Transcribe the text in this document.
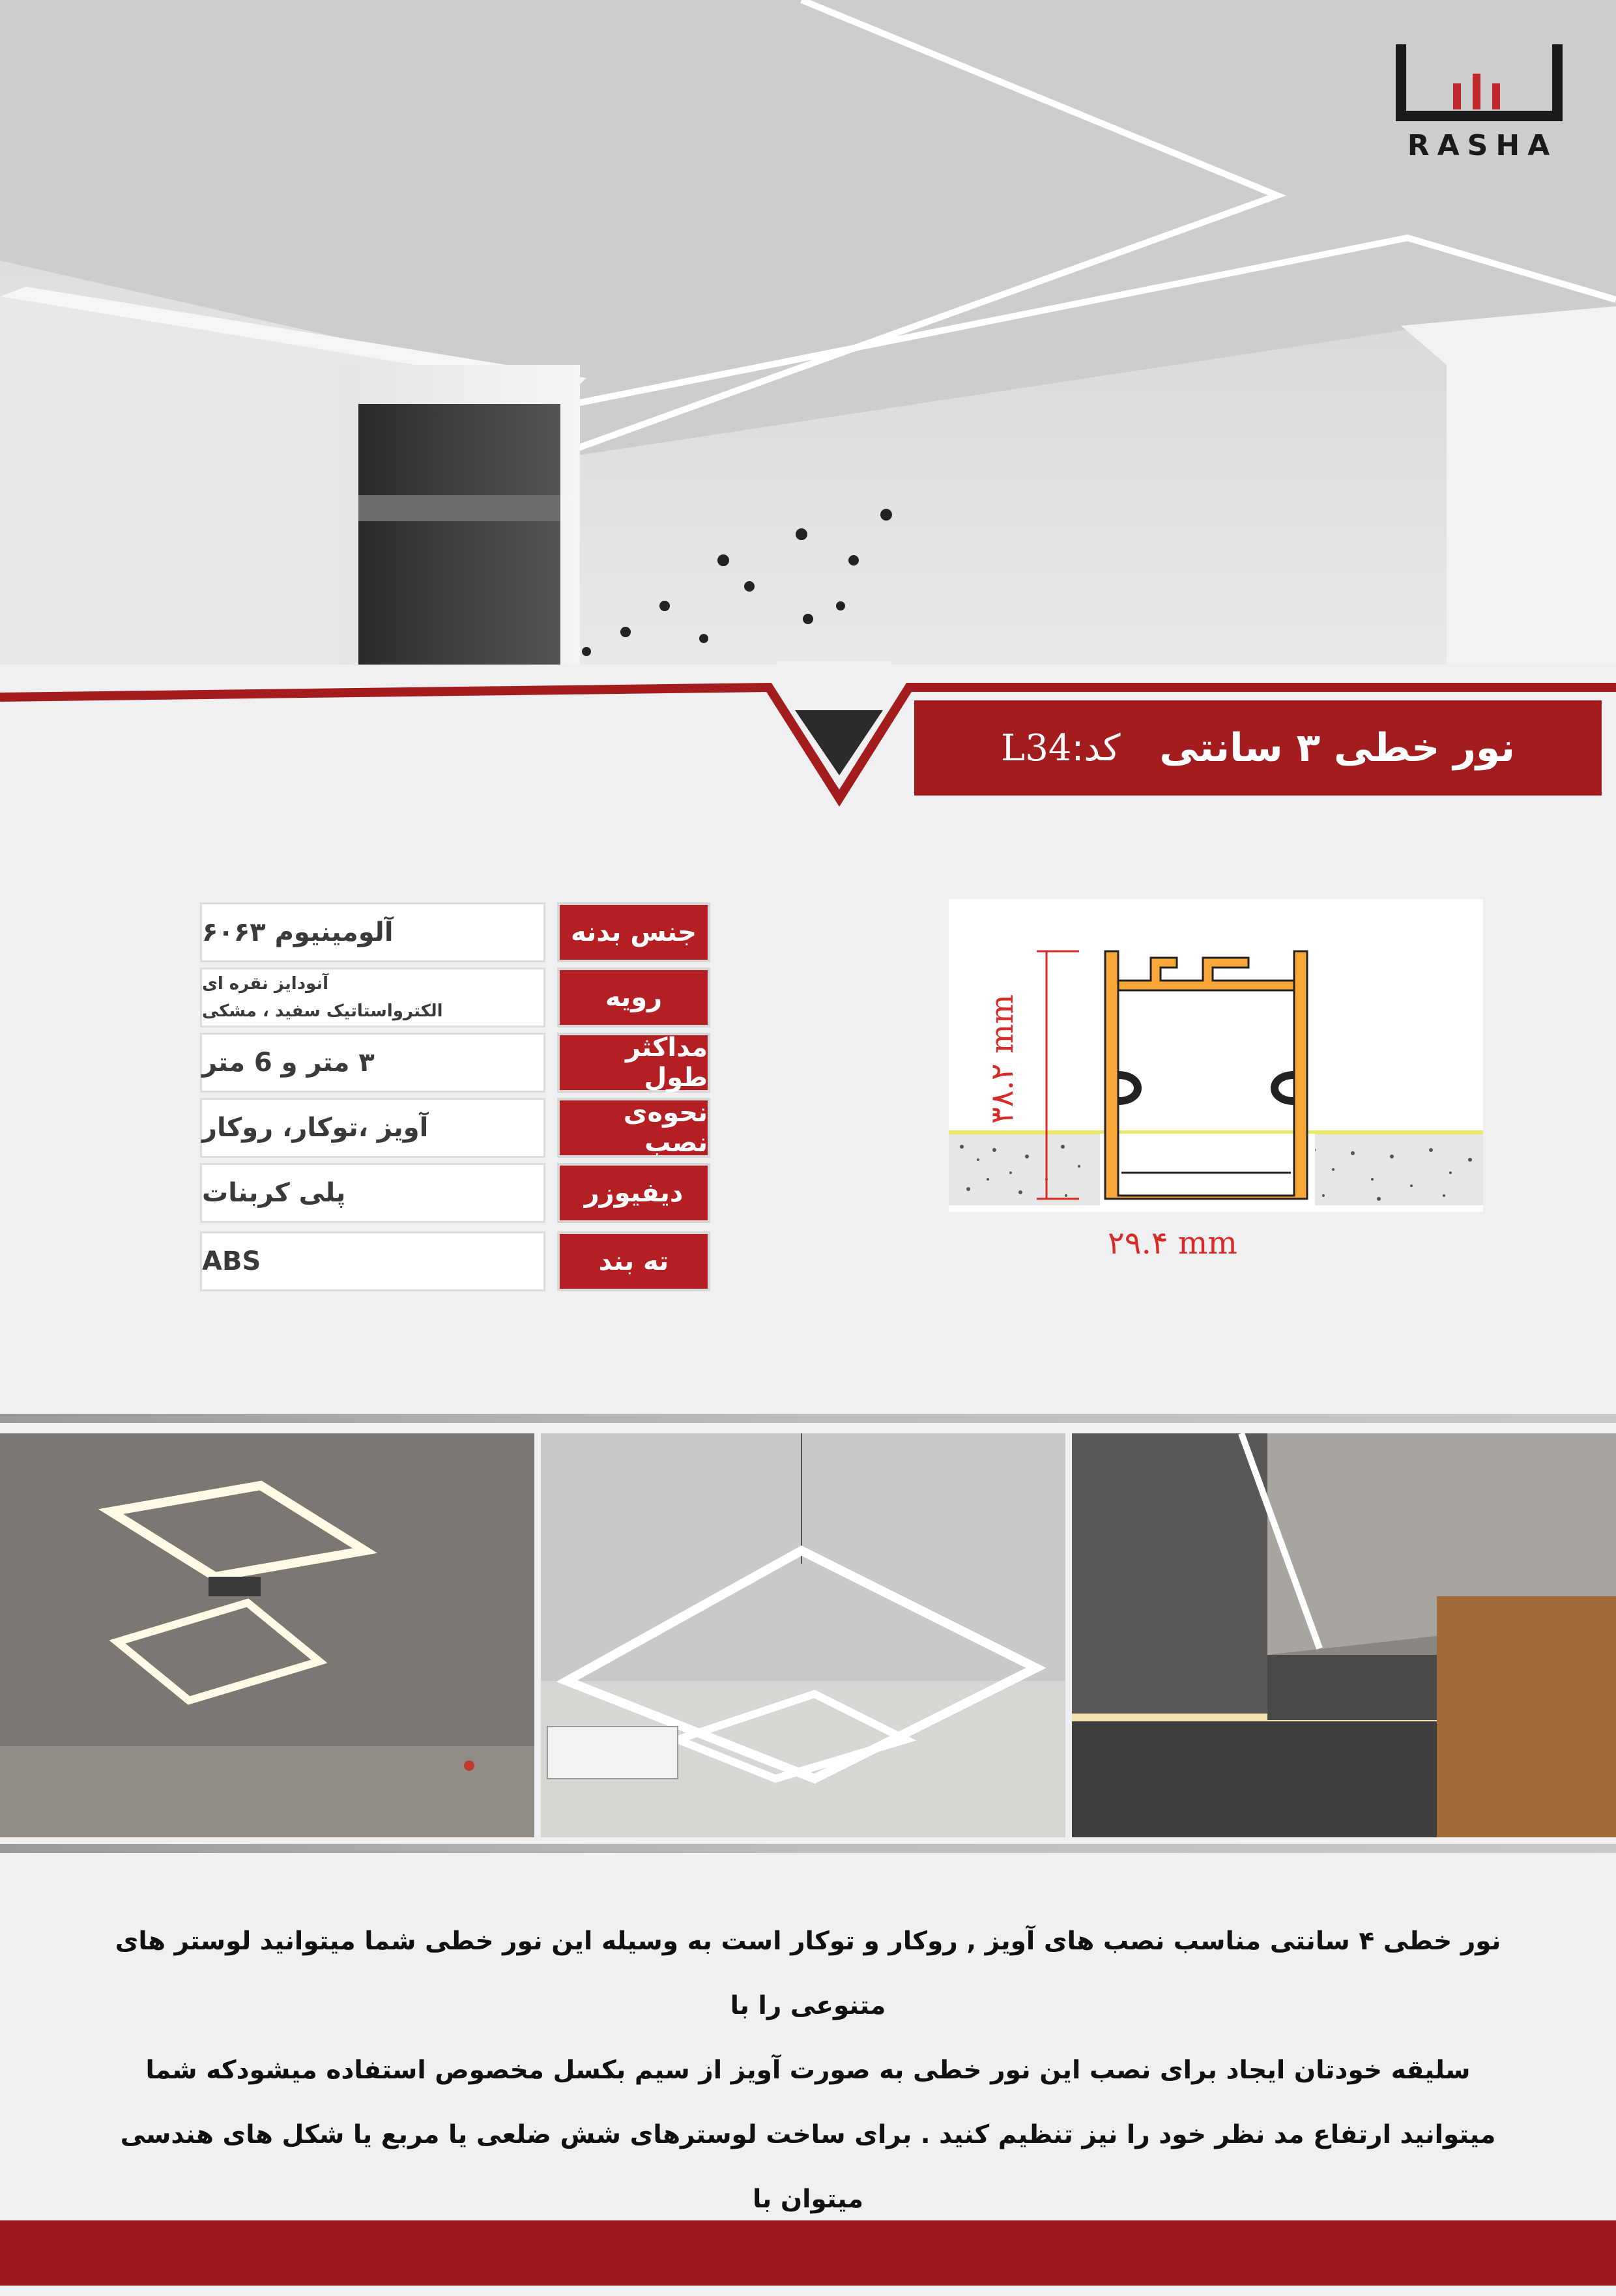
RASHA
نور خطی ۳ سانتی
کد:
L34
آلومینیوم ۶۰۶۳	جنس بدنه
آنودایز نقره ای
الکترواستاتیک سفید ، مشکی	رویه
۳ متر و 6 متر	مداکثر طول
آویز ،توکار، روکار	نحوه‌ی نصب
پلی کربنات	دیفیوزر
ABS	ته بند	۲۹.۴ mm
۳۸.۲ mm

نور خطی ۴ سانتی مناسب نصب های آویز , روکار و توکار است به وسیله این نور خطی شما میتوانید لوستر های متنوعی را با

سلیقه خودتان ایجاد برای نصب این نور خطی به صورت آویز از سیم بکسل مخصوص استفاده میشودکه شما

میتوانید ارتفاع مد نظر خود را نیز تنظیم کنید . برای ساخت لوسترهای شش ضلعی یا مربع یا شکل های هندسی میتوان با
